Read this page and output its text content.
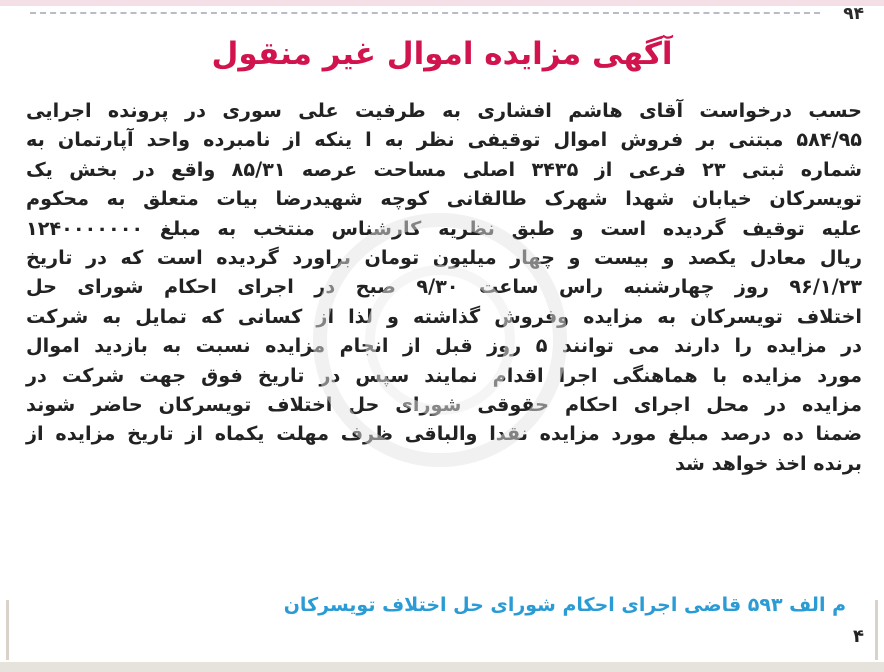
۹۴
آگهی مزایده اموال غیر منقول
حسب درخواست آقای هاشم افشاری به طرفیت علی سوری در پرونده اجرایی
۵۸۴/۹۵ مبتنی بر فروش اموال توقیفی نظر به ا ینکه از نامبرده واحد آپارتمان به
شماره ثبتی ۲۳ فرعی از ۳۴۳۵ اصلی مساحت عرصه ۸۵/۳۱ واقع در بخش یک
تویسرکان خیابان شهدا شهرک طالقانی کوچه شهیدرضا بیات متعلق به محکوم
علیه توقیف گردیده است و طبق نظریه کارشناس منتخب به مبلغ ۱۲۴۰۰۰۰۰۰۰
ریال معادل یکصد و بیست و چهار میلیون تومان براورد گردیده است که در تاریخ
۹۶/۱/۲۳ روز چهارشنبه راس ساعت ۹/۳۰ صبح در اجرای احکام شورای حل
اختلاف تویسرکان به مزایده وفروش گذاشته و لذا از کسانی که تمایل به شرکت
در مزایده را دارند می توانند ۵ روز قبل از انجام مزایده نسبت به بازدید اموال
مورد مزایده با هماهنگی اجرا اقدام نمایند سپس در تاریخ فوق جهت شرکت در
مزایده در محل اجرای احکام حقوقی شورای حل اختلاف تویسرکان حاضر شوند
ضمنا ده درصد مبلغ مورد مزایده نقدا والباقی ظرف مهلت یکماه از تاریخ مزایده از
برنده اخذ خواهد شد
م الف ۵۹۳ قاضی اجرای احکام شورای حل اختلاف تویسرکان
۴
